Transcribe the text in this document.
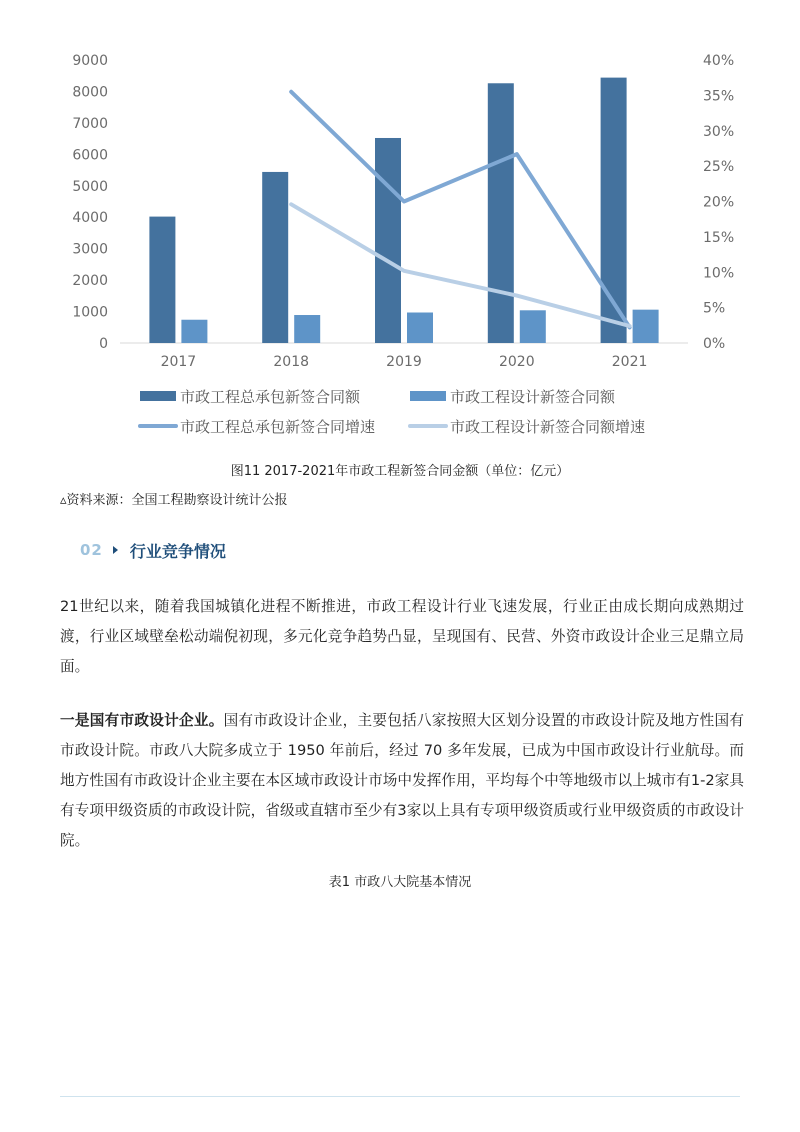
0
1000
2000
3000
4000
5000
6000
7000
8000
9000
0%
5%
10%
15%
20%
25%
30%
35%
40%
2017	2018	2019	2020	2021
市政工程总承包新签合同额	市政工程设计新签合同额
市政工程总承包新签合同增速	市政工程设计新签合同额增速
图11 2017-2021年市政工程新签合同金额（单位：亿元）
▵资料来源：全国工程勘察设计统计公报
02 行业竞争情况

21世纪以来，随着我国城镇化进程不断推进，市政工程设计行业飞速发展，行业正由成长期向成熟期过渡，行业区域壁垒松动端倪初现，多元化竞争趋势凸显，呈现国有、民营、外资市政设计企业三足鼎立局面。

一是国有市政设计企业。国有市政设计企业，主要包括八家按照大区划分设置的市政设计院及地方性国有市政设计院。市政八大院多成立于 1950 年前后，经过 70 多年发展，已成为中国市政设计行业航母。而地方性国有市政设计企业主要在本区域市政设计市场中发挥作用，平均每个中等地级市以上城市有1-2家具有专项甲级资质的市政设计院，省级或直辖市至少有3家以上具有专项甲级资质或行业甲级资质的市政设计院。

表1 市政八大院基本情况
